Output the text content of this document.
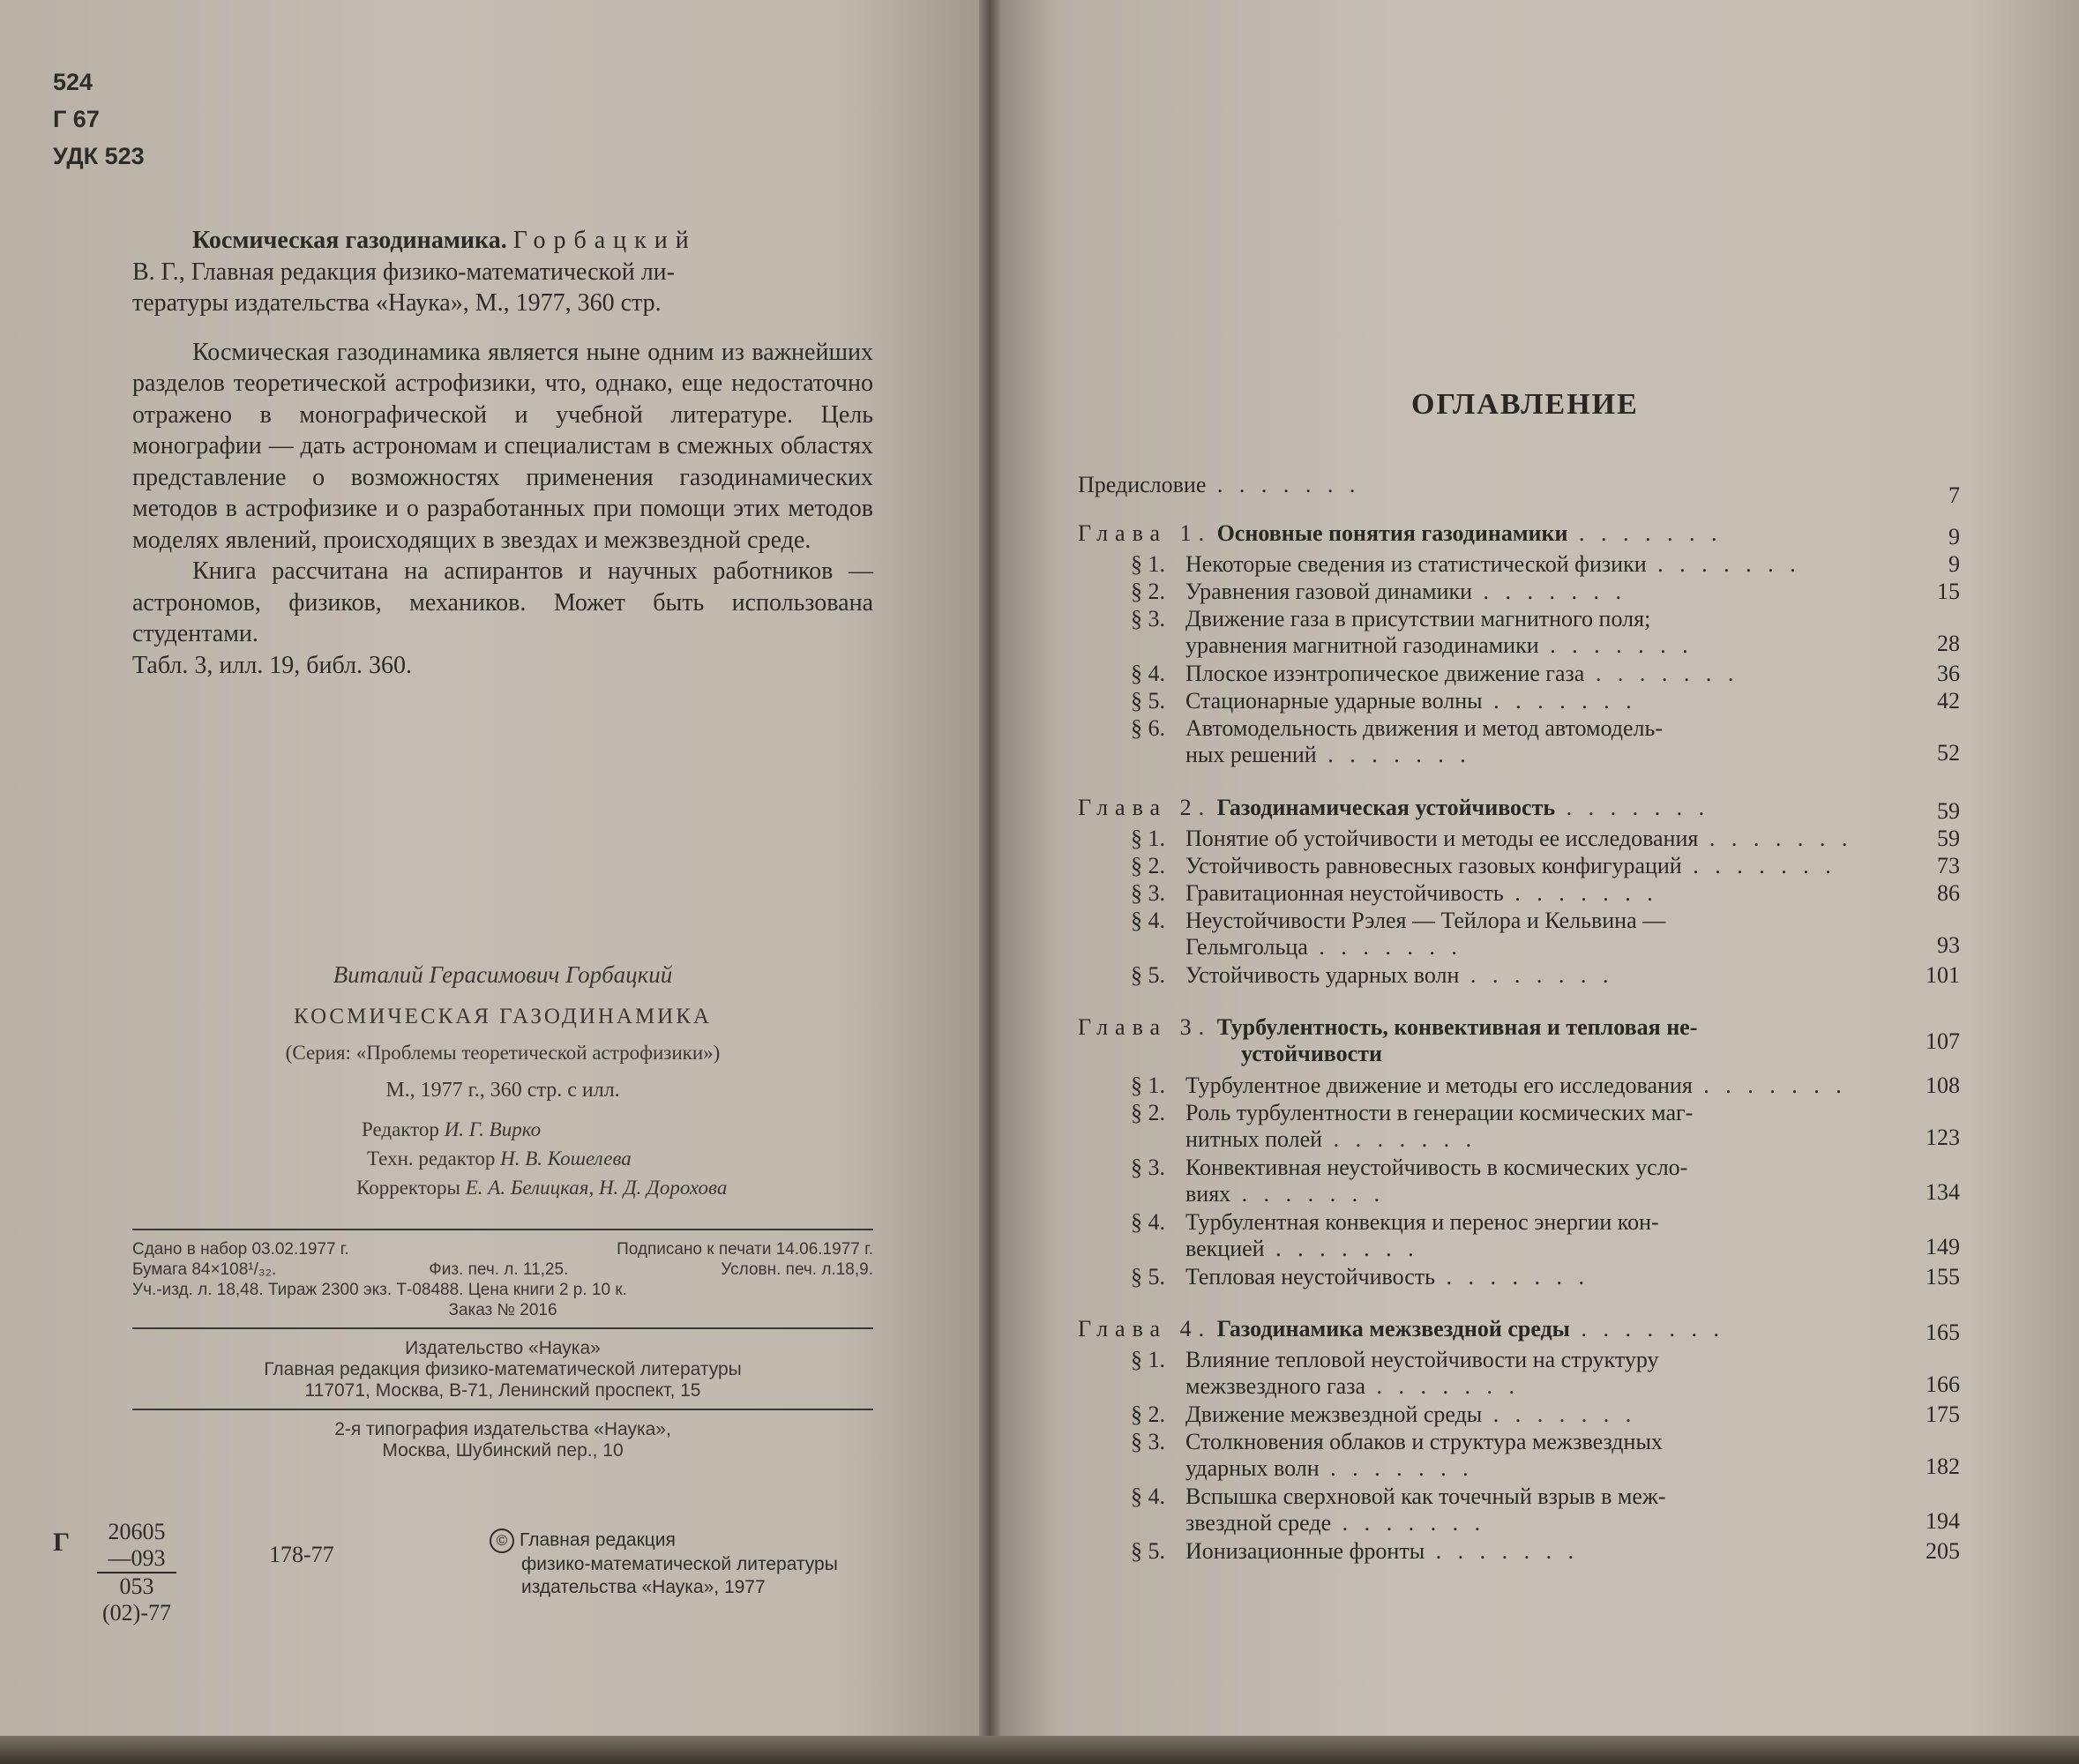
524
Г 67
УДК 523

Космическая газодинамика. Горбацкий

В. Г., Главная редакция физико-математической ли-

тературы издательства «Наука», М., 1977, 360 стр.

Космическая газодинамика является ныне одним из важнейших разделов теоретической астрофизики, что, однако, еще недостаточно отражено в монографической и учебной литературе. Цель монографии — дать астрономам и специалистам в смежных областях представление о возможностях применения газодинамических методов в астрофизике и о разработанных при помощи этих методов моделях явлений, происходящих в звездах и межзвездной среде.

Книга рассчитана на аспирантов и научных работников — астрономов, физиков, механиков. Может быть использована студентами.

Табл. 3, илл. 19, библ. 360.

Виталий Герасимович Горбацкий

КОСМИЧЕСКАЯ ГАЗОДИНАМИКА

(Серия: «Проблемы теоретической астрофизики»)

М., 1977 г., 360 стр. с илл.

Редактор И. Г. Вирко
Техн. редактор Н. В. Кошелева
Корректоры Е. А. Белицкая, Н. Д. Дорохова
Сдано в набор 03.02.1977 г.	Подписано к печати 14.06.1977 г.
Бумага 84×108¹/₃₂.	Физ. печ. л. 11,25.	Условн. печ. л.18,9.
Уч.-изд. л. 18,48. Тираж 2300 экз. Т-08488. Цена книги 2 р. 10 к.
Заказ № 2016
Издательство «Наука»
Главная редакция физико-математической литературы
117071, Москва, В-71, Ленинский проспект, 15
2-я типография издательства «Наука»,
Москва, Шубинский пер., 10
Г $\frac{20605—093}{053 (02)-77}$	178-77
© Главная редакция
физико-математической литературы
издательства «Наука», 1977
ОГЛАВЛЕНИЕ
Предисловие . . . . . . .	7
Глава 1. Основные понятия газодинамики . . . . . . .	9
§ 1. Некоторые сведения из статистической физики . . . . . . .	9
§ 2. Уравнения газовой динамики . . . . . . .	15
§ 3. Движение газа в присутствии магнитного поля;
уравнения магнитной газодинамики . . . . . . .	28
§ 4. Плоское изэнтропическое движение газа . . . . . . .	36
§ 5. Стационарные ударные волны . . . . . . .	42
§ 6. Автомодельность движения и метод автомодель-
ных решений . . . . . . .	52
Глава 2. Газодинамическая устойчивость . . . . . . .	59
§ 1. Понятие об устойчивости и методы ее исследования . . . . . . .	59
§ 2. Устойчивость равновесных газовых конфигураций . . . . . . .	73
§ 3. Гравитационная неустойчивость . . . . . . .	86
§ 4. Неустойчивости Рэлея — Тейлора и Кельвина —
Гельмгольца . . . . . . .	93
§ 5. Устойчивость ударных волн . . . . . . .	101
Глава 3. Турбулентность, конвективная и тепловая не-
устойчивости	107
§ 1. Турбулентное движение и методы его исследования . . . . . . .	108
§ 2. Роль турбулентности в генерации космических маг-
нитных полей . . . . . . .	123
§ 3. Конвективная неустойчивость в космических усло-
виях . . . . . . .	134
§ 4. Турбулентная конвекция и перенос энергии кон-
векцией . . . . . . .	149
§ 5. Тепловая неустойчивость . . . . . . .	155
Глава 4. Газодинамика межзвездной среды . . . . . . .	165
§ 1. Влияние тепловой неустойчивости на структуру
межзвездного газа . . . . . . .	166
§ 2. Движение межзвездной среды . . . . . . .	175
§ 3. Столкновения облаков и структура межзвездных
ударных волн . . . . . . .	182
§ 4. Вспышка сверхновой как точечный взрыв в меж-
звездной среде . . . . . . .	194
§ 5. Ионизационные фронты . . . . . . .	205
